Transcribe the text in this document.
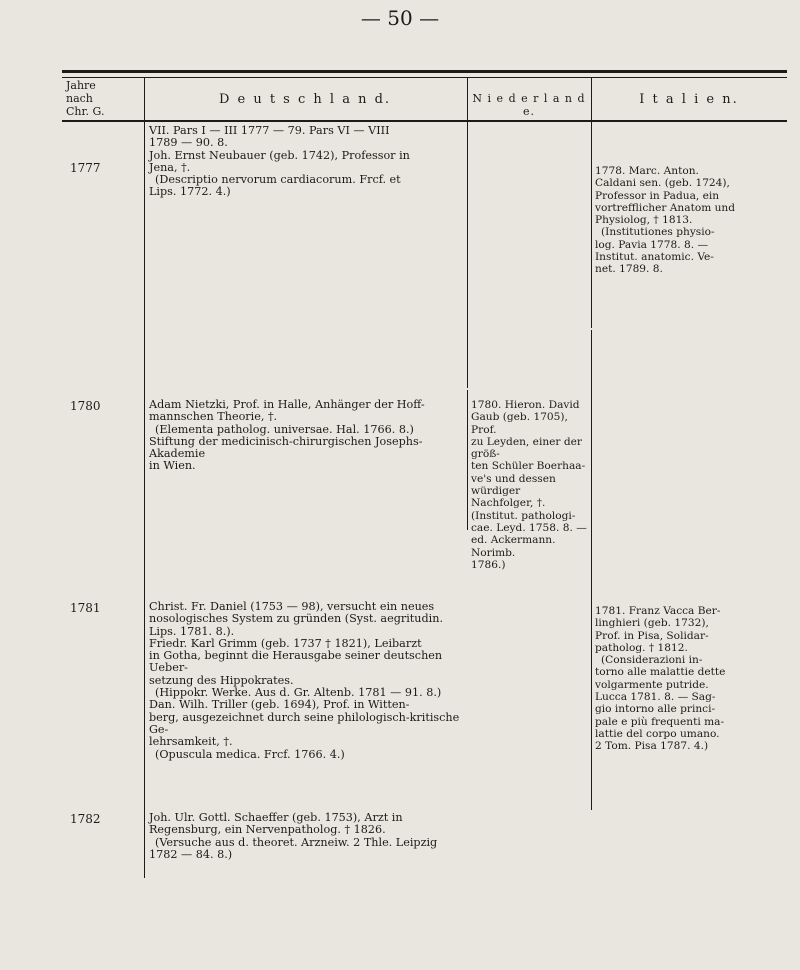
— 50 —
Jahre nach
Chr. G.
D e u t s c h l a n d.	N i e d e r l a n d e.
I t a l i e n.
1777
1780
1781
1782

VII. Pars I — III 1777 — 79. Pars VI — VIII

1789 — 90. 8.

Joh. Ernst Neubauer (geb. 1742), Professor in

Jena, †.

(Descriptio nervorum cardiacorum. Frcf. et

Lips. 1772. 4.)

Adam Nietzki, Prof. in Halle, Anhänger der Hoff-

mannschen Theorie, †.

(Elementa patholog. universae. Hal. 1766. 8.)

Stiftung der medicinisch-chirurgischen Josephs-Akademie

in Wien.

Christ. Fr. Daniel (1753 — 98), versucht ein neues

nosologisches System zu gründen (Syst. aegritudin.

Lips. 1781. 8.).

Friedr. Karl Grimm (geb. 1737 † 1821), Leibarzt

in Gotha, beginnt die Herausgabe seiner deutschen Ueber-

setzung des Hippokrates.

(Hippokr. Werke. Aus d. Gr. Altenb. 1781 — 91. 8.)

Dan. Wilh. Triller (geb. 1694), Prof. in Witten-

berg, ausgezeichnet durch seine philologisch-kritische Ge-

lehrsamkeit, †.

(Opuscula medica. Frcf. 1766. 4.)

Joh. Ulr. Gottl. Schaeffer (geb. 1753), Arzt in

Regensburg, ein Nervenpatholog. † 1826.

(Versuche aus d. theoret. Arzneiw. 2 Thle. Leipzig

1782 — 84. 8.)

1780. Hieron. David

Gaub (geb. 1705), Prof.

zu Leyden, einer der größ-

ten Schüler Boerhaa-

ve's und dessen würdiger

Nachfolger, †.

(Institut. pathologi-

cae. Leyd. 1758. 8. —

ed. Ackermann. Norimb.

1786.)

1778. Marc. Anton.

Caldani sen. (geb. 1724),

Professor in Padua, ein

vortrefflicher Anatom und

Physiolog, † 1813.

(Institutiones physio-

log. Pavia 1778. 8. —

Institut. anatomic. Ve-

net. 1789. 8.

1781. Franz Vacca Ber-

linghieri (geb. 1732),

Prof. in Pisa, Solidar-

patholog. † 1812.

(Considerazioni in-

torno alle malattie dette

volgarmente putride.

Lucca 1781. 8. — Sag-

gio intorno alle princi-

pale e più frequenti ma-

lattie del corpo umano.

2 Tom. Pisa 1787. 4.)
